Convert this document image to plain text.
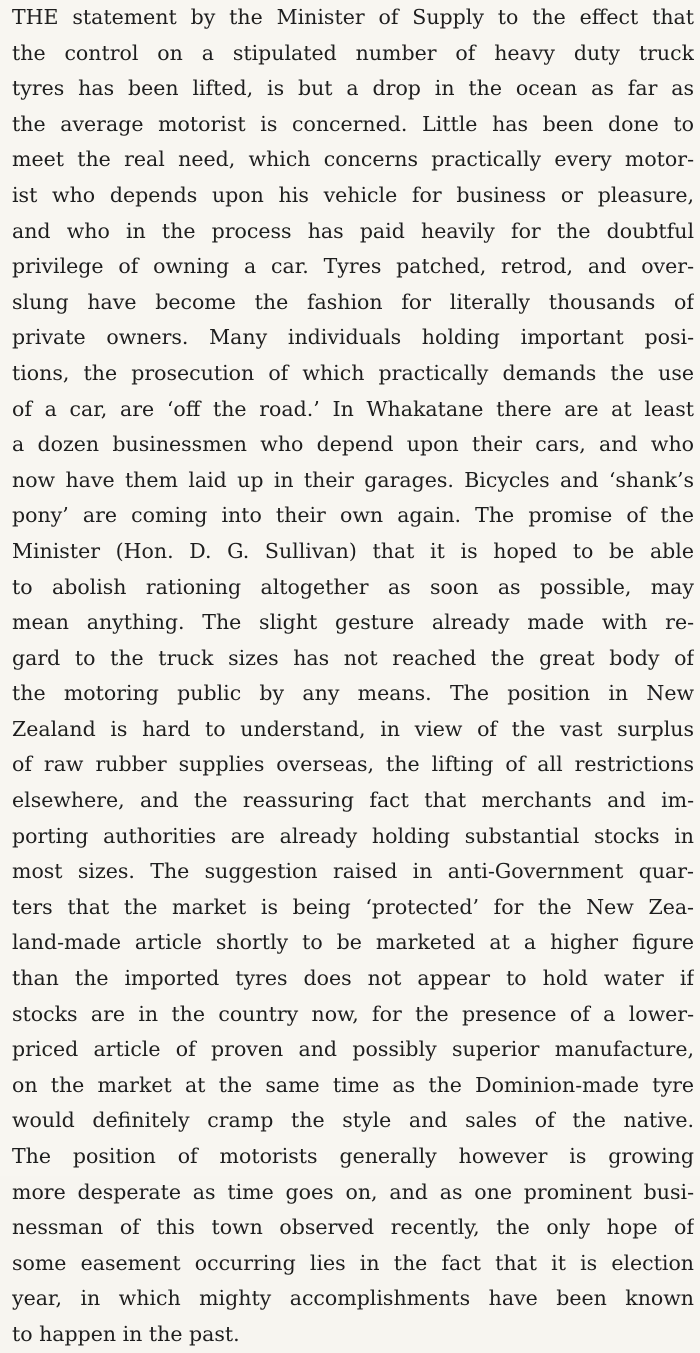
THE statement by the Minister of Supply to the effect that
the control on a stipulated number of heavy duty truck
tyres has been lifted, is but a drop in the ocean as far as
the average motorist is concerned. Little has been done to
meet the real need, which concerns practically every motor-
ist who depends upon his vehicle for business or pleasure,
and who in the process has paid heavily for the doubtful
privilege of owning a car. Tyres patched, retrod, and over-
slung have become the fashion for literally thousands of
private owners. Many individuals holding important posi-
tions, the prosecution of which practically demands the use
of a car, are ‘off the road.’ In Whakatane there are at least
a dozen businessmen who depend upon their cars, and who
now have them laid up in their garages. Bicycles and ‘shank’s
pony’ are coming into their own again. The promise of the
Minister (Hon. D. G. Sullivan) that it is hoped to be able
to abolish rationing altogether as soon as possible, may
mean anything. The slight gesture already made with re-
gard to the truck sizes has not reached the great body of
the motoring public by any means. The position in New
Zealand is hard to understand, in view of the vast surplus
of raw rubber supplies overseas, the lifting of all restrictions
elsewhere, and the reassuring fact that merchants and im-
porting authorities are already holding substantial stocks in
most sizes. The suggestion raised in anti-Government quar-
ters that the market is being ‘protected’ for the New Zea-
land-made article shortly to be marketed at a higher figure
than the imported tyres does not appear to hold water if
stocks are in the country now, for the presence of a lower-
priced article of proven and possibly superior manufacture,
on the market at the same time as the Dominion-made tyre
would definitely cramp the style and sales of the native.
The position of motorists generally however is growing
more desperate as time goes on, and as one prominent busi-
nessman of this town observed recently, the only hope of
some easement occurring lies in the fact that it is election
year, in which mighty accomplishments have been known
to happen in the past.
